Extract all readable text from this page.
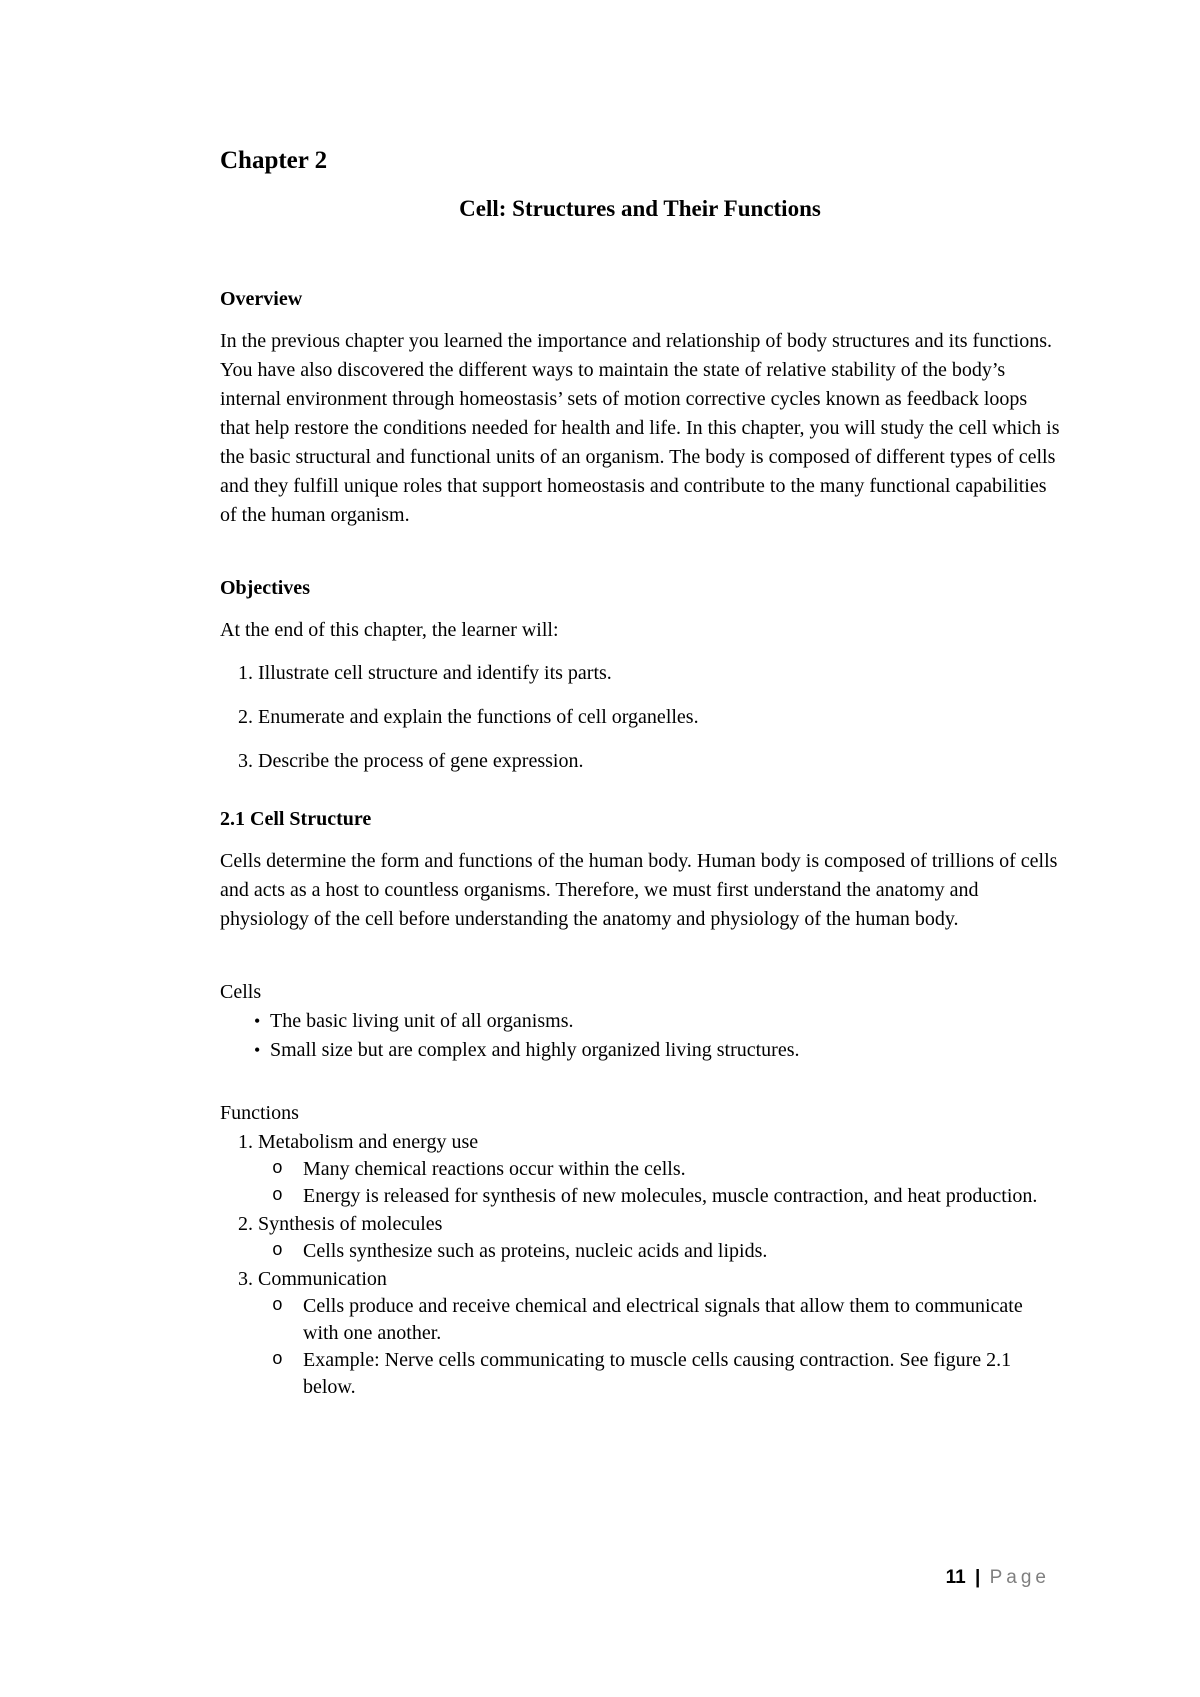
Chapter 2
Cell: Structures and Their Functions
Overview

In the previous chapter you learned the importance and relationship of body structures and its functions. You have also discovered the different ways to maintain the state of relative stability of the body’s internal environment through homeostasis’ sets of motion corrective cycles known as feedback loops that help restore the conditions needed for health and life. In this chapter, you will study the cell which is the basic structural and functional units of an organism. The body is composed of different types of cells and they fulfill unique roles that support homeostasis and contribute to the many functional capabilities of the human organism.

Objectives

At the end of this chapter, the learner will:

1. Illustrate cell structure and identify its parts.
2. Enumerate and explain the functions of cell organelles.
3. Describe the process of gene expression.
2.1 Cell Structure

Cells determine the form and functions of the human body. Human body is composed of trillions of cells and acts as a host to countless organisms. Therefore, we must first understand the anatomy and physiology of the cell before understanding the anatomy and physiology of the human body.

Cells

• The basic living unit of all organisms.
• Small size but are complex and highly organized living structures.

Functions

1. Metabolism and energy use
o Many chemical reactions occur within the cells.
o Energy is released for synthesis of new molecules, muscle contraction, and heat production.
2. Synthesis of molecules
o Cells synthesize such as proteins, nucleic acids and lipids.
3. Communication
o Cells produce and receive chemical and electrical signals that allow them to communicate with one another.
o Example: Nerve cells communicating to muscle cells causing contraction. See figure 2.1 below.
11 | Page
